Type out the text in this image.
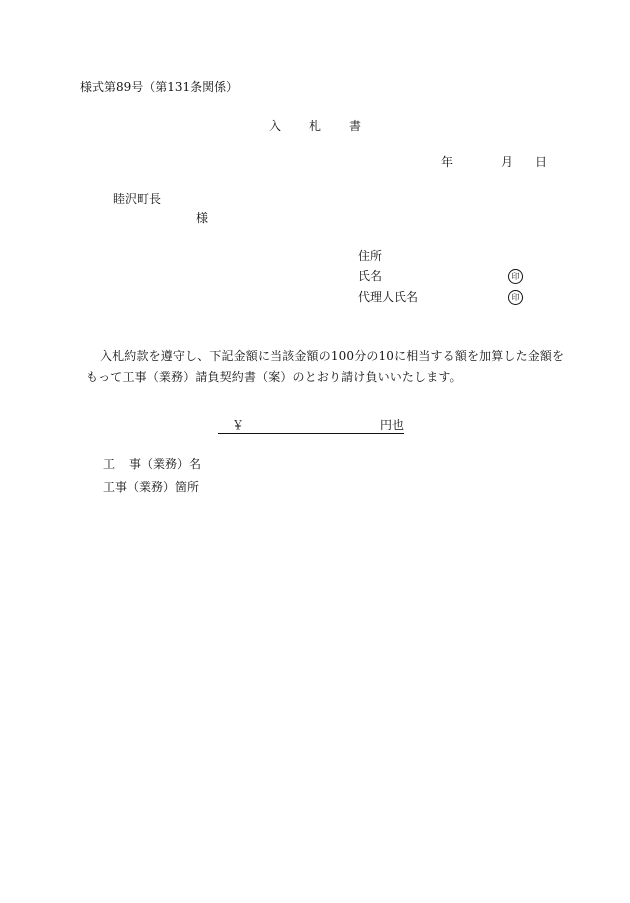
様式第89号（第131条関係）
入 札 書
年	月 日
睦沢町長
様
住所
氏名
代理人氏名
印
印
入札約款を遵守し、下記金額に当該金額の100分の10に相当する額を加算した金額を
もって工事（業務）請負契約書（案）のとおり請け負いいたします。
￥	円也
工 事（業務）名
工事（業務）箇所
